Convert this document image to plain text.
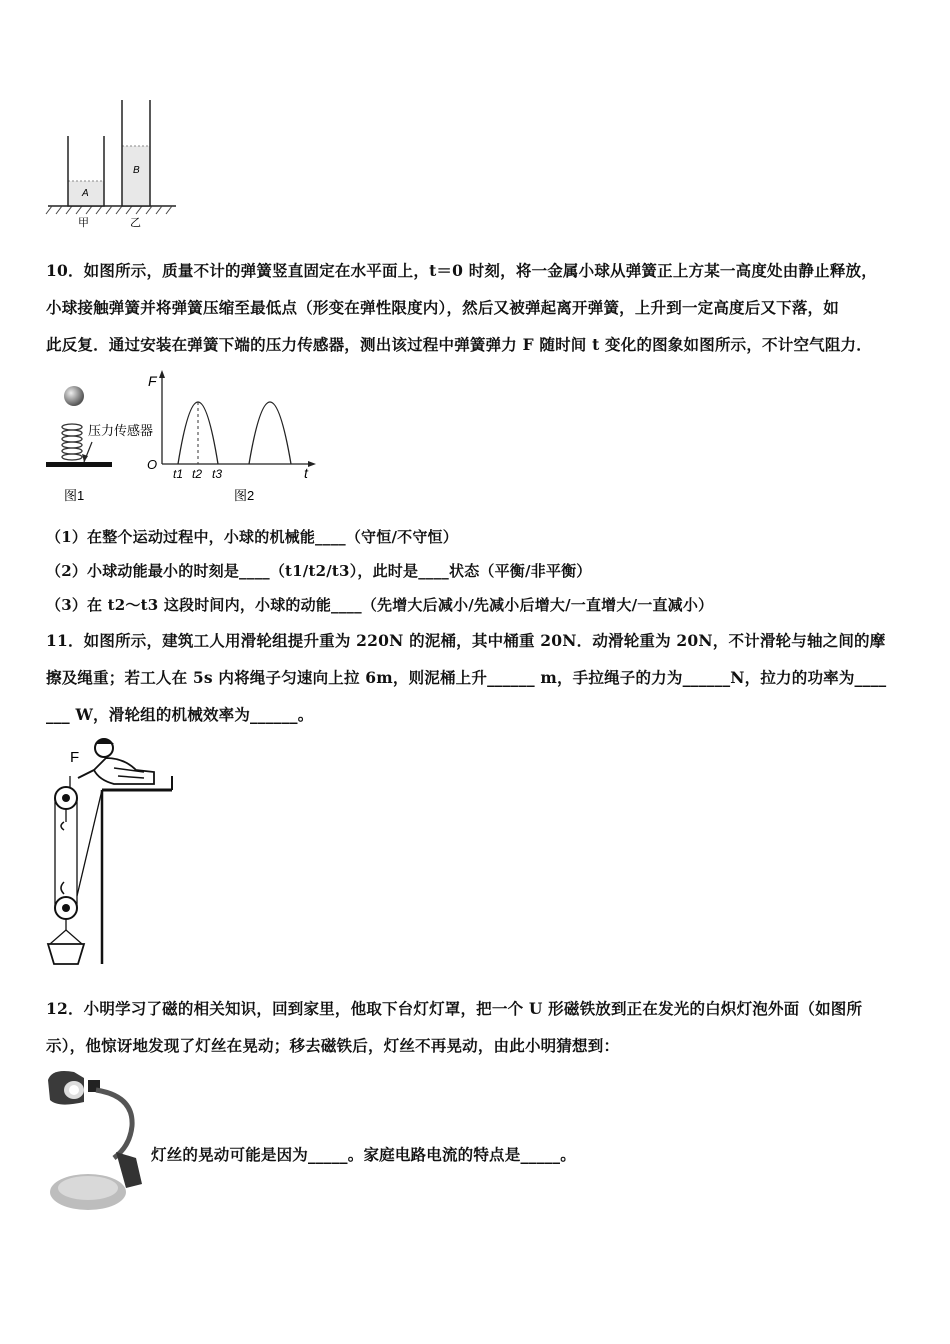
A
B
甲	乙
10．如图所示，质量不计的弹簧竖直固定在水平面上，t＝0 时刻，将一金属小球从弹簧正上方某一高度处由静止释放，
小球接触弹簧并将弹簧压缩至最低点（形变在弹性限度内），然后又被弹起离开弹簧，上升到一定高度后又下落，如
此反复．通过安装在弹簧下端的压力传感器，测出该过程中弹簧弹力 F 随时间 t 变化的图象如图所示，不计空气阻力．
压力传感器
图1
F
t
O
t1 t2 t3
图2
（1）在整个运动过程中，小球的机械能____（守恒/不守恒）
（2）小球动能最小的时刻是____（t1/t2/t3），此时是____状态（平衡/非平衡）
（3）在 t2～t3 这段时间内，小球的动能____（先增大后减小/先减小后增大/一直增大/一直减小）
11．如图所示，建筑工人用滑轮组提升重为 220N 的泥桶，其中桶重 20N．动滑轮重为 20N，不计滑轮与轴之间的摩
擦及绳重；若工人在 5s 内将绳子匀速向上拉 6m，则泥桶上升______ m，手拉绳子的力为______N，拉力的功率为____
___ W，滑轮组的机械效率为______。
F
12．小明学习了磁的相关知识，回到家里，他取下台灯灯罩，把一个 U 形磁铁放到正在发光的白炽灯泡外面（如图所
示），他惊讶地发现了灯丝在晃动；移去磁铁后，灯丝不再晃动，由此小明猜想到：
灯丝的晃动可能是因为_____。家庭电路电流的特点是_____。
